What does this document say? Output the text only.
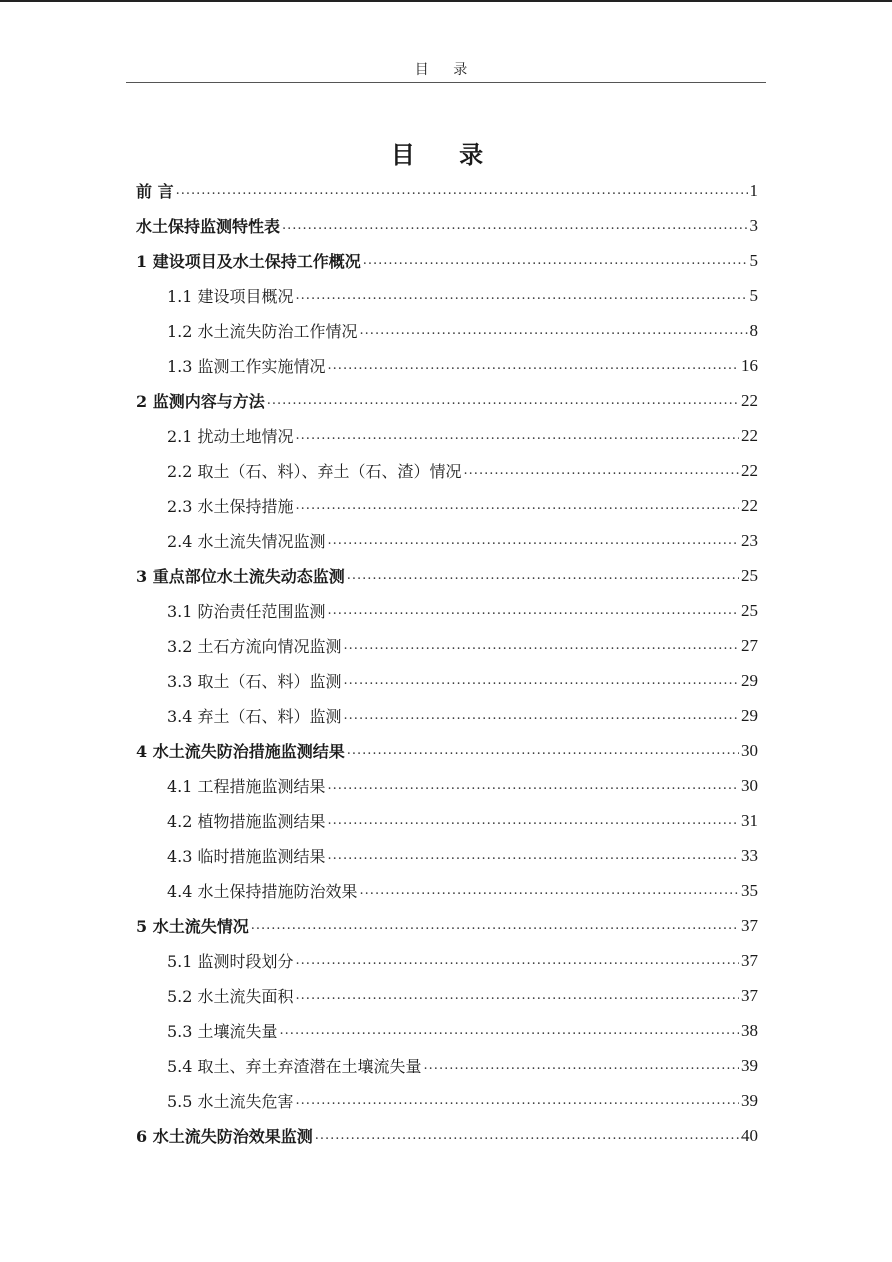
目 录
目 录
前 言 .....	1
水土保持监测特性表 .....	3
1 建设项目及水土保持工作概况 .....	5
1.1 建设项目概况 .....	5
1.2 水土流失防治工作情况 .....	8
1.3 监测工作实施情况 .....	16
2 监测内容与方法 .....	22
2.1 扰动土地情况 .....	22
2.2 取土（石、料）、弃土（石、渣）情况 .....	22
2.3 水土保持措施 .....	22
2.4 水土流失情况监测 .....	23
3 重点部位水土流失动态监测 .....	25
3.1 防治责任范围监测 .....	25
3.2 土石方流向情况监测 .....	27
3.3 取土（石、料）监测 .....	29
3.4 弃土（石、料）监测 .....	29
4 水土流失防治措施监测结果 .....	30
4.1 工程措施监测结果 .....	30
4.2 植物措施监测结果 .....	31
4.3 临时措施监测结果 .....	33
4.4 水土保持措施防治效果 .....	35
5 水土流失情况 .....	37
5.1 监测时段划分 .....	37
5.2 水土流失面积 .....	37
5.3 土壤流失量 .....	38
5.4 取土、弃土弃渣潜在土壤流失量 .....	39
5.5 水土流失危害 .....	39
6 水土流失防治效果监测 .....	40
